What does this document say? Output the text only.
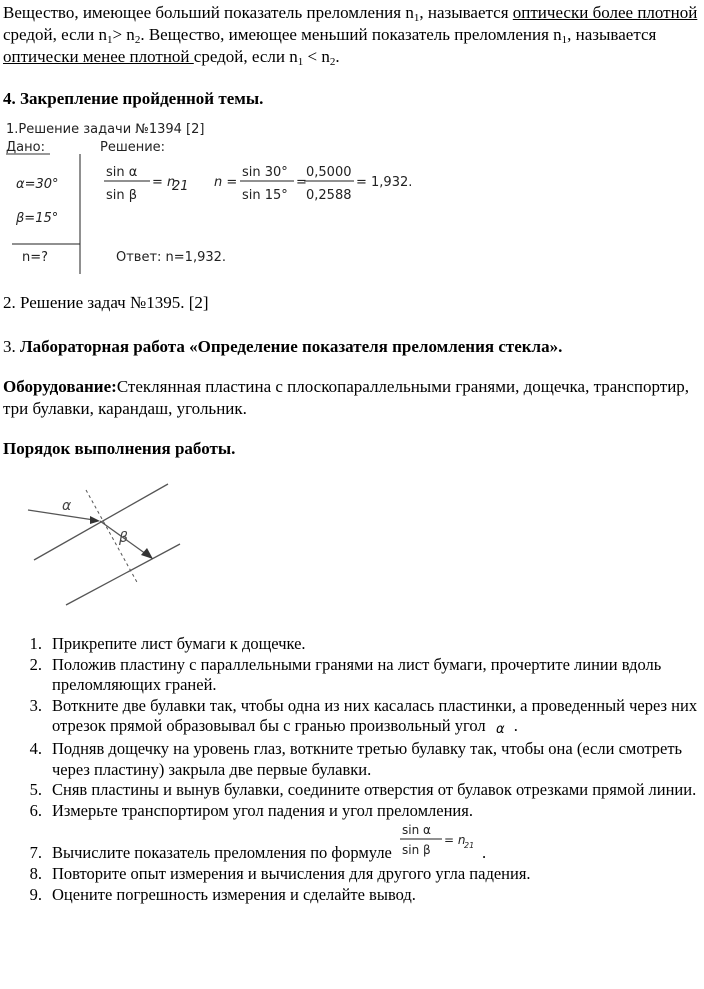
Вещество, имеющее больший показатель преломления $n_1$, называется оптически более плотной средой, если $n_1> n_2$. Вещество, имеющее меньший показатель преломления $n_1$, называется оптически менее плотной средой, если $n_1 < n_2$.
4. Закрепление пройденной темы.
1.Решение задачи №1394 [2]
Дано:	Решение:
α=30°
β=15°
n=?
sin α
sin β
= n
21 n =
sin 30°
sin 15°
=
0,5000
0,2588
= 1,932.
Ответ: n=1,932.
2. Решение задач №1395. [2]
3. Лабораторная работа «Определение показателя преломления стекла».
Оборудование:Стеклянная пластина с плоскопараллельными гранями, дощечка, транспортир, три булавки, карандаш, угольник.
Порядок выполнения работы.
α
β
1. Прикрепите лист бумаги к дощечке.
2. Положив пластину с параллельными гранями на лист бумаги, прочертите линии вдоль преломляющих граней.
3. Воткните две булавки так, чтобы одна из них касалась пластинки, а проведенный через них отрезок прямой образовывал бы с гранью произвольный угол α .
4. Подняв дощечку на уровень глаз, воткните третью булавку так, чтобы она (если смотреть через пластину) закрыла две первые булавки.
5. Сняв пластины и вынув булавки, соедините отверстия от булавок отрезками прямой линии.
6. Измерьте транспортиром угол падения и угол преломления.
7. Вычислите показатель преломления по формуле
sin α
sin β
= n
21 .
8. Повторите опыт измерения и вычисления для другого угла падения.
9. Оцените погрешность измерения и сделайте вывод.
